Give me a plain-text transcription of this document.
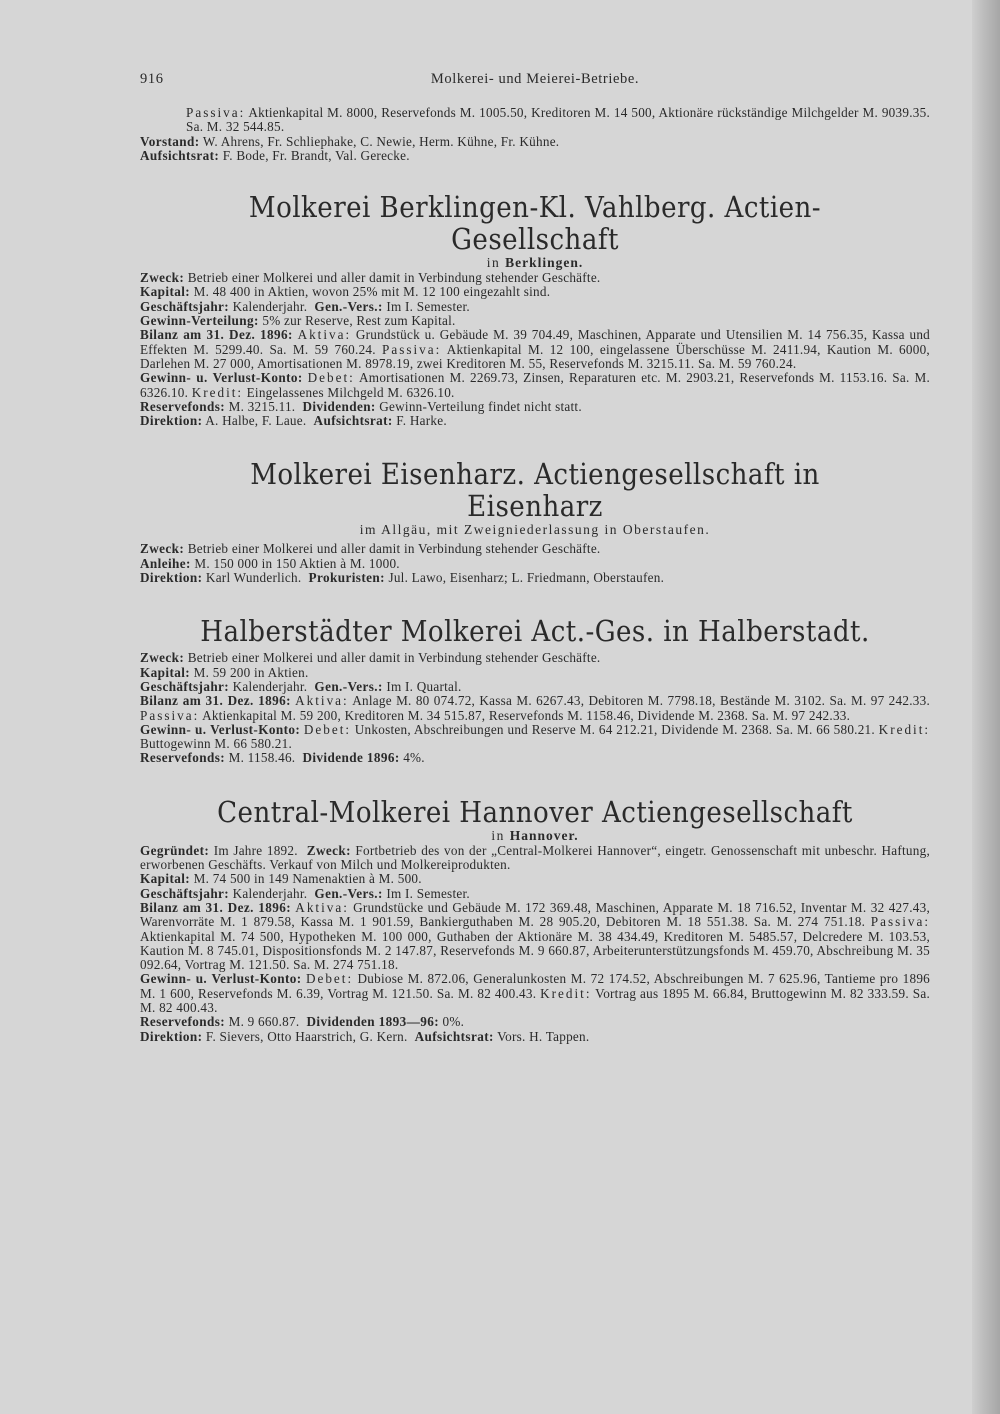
916	Molkerei- und Meierei-Betriebe.

Passiva: Aktienkapital M. 8000, Reservefonds M. 1005.50, Kreditoren M. 14 500, Aktionäre rückständige Milchgelder M. 9039.35. Sa. M. 32 544.85.

Vorstand: W. Ahrens, Fr. Schliephake, C. Newie, Herm. Kühne, Fr. Kühne.

Aufsichtsrat: F. Bode, Fr. Brandt, Val. Gerecke.

Molkerei Berklingen-Kl. Vahlberg. Actien-Gesellschaft
in Berklingen.

Zweck: Betrieb einer Molkerei und aller damit in Verbindung stehender Geschäfte.

Kapital: M. 48 400 in Aktien, wovon 25% mit M. 12 100 eingezahlt sind.

Geschäftsjahr: Kalenderjahr. Gen.-Vers.: Im I. Semester.

Gewinn-Verteilung: 5% zur Reserve, Rest zum Kapital.

Bilanz am 31. Dez. 1896: Aktiva: Grundstück u. Gebäude M. 39 704.49, Maschinen, Apparate und Utensilien M. 14 756.35, Kassa und Effekten M. 5299.40. Sa. M. 59 760.24. Passiva: Aktienkapital M. 12 100, eingelassene Überschüsse M. 2411.94, Kaution M. 6000, Darlehen M. 27 000, Amortisationen M. 8978.19, zwei Kreditoren M. 55, Reservefonds M. 3215.11. Sa. M. 59 760.24.

Gewinn- u. Verlust-Konto: Debet: Amortisationen M. 2269.73, Zinsen, Reparaturen etc. M. 2903.21, Reservefonds M. 1153.16. Sa. M. 6326.10. Kredit: Eingelassenes Milchgeld M. 6326.10.

Reservefonds: M. 3215.11. Dividenden: Gewinn-Verteilung findet nicht statt.

Direktion: A. Halbe, F. Laue. Aufsichtsrat: F. Harke.

Molkerei Eisenharz. Actiengesellschaft in Eisenharz
im Allgäu, mit Zweigniederlassung in Oberstaufen.

Zweck: Betrieb einer Molkerei und aller damit in Verbindung stehender Geschäfte.

Anleihe: M. 150 000 in 150 Aktien à M. 1000.

Direktion: Karl Wunderlich. Prokuristen: Jul. Lawo, Eisenharz; L. Friedmann, Oberstaufen.

Halberstädter Molkerei Act.-Ges. in Halberstadt.

Zweck: Betrieb einer Molkerei und aller damit in Verbindung stehender Geschäfte.

Kapital: M. 59 200 in Aktien.

Geschäftsjahr: Kalenderjahr. Gen.-Vers.: Im I. Quartal.

Bilanz am 31. Dez. 1896: Aktiva: Anlage M. 80 074.72, Kassa M. 6267.43, Debitoren M. 7798.18, Bestände M. 3102. Sa. M. 97 242.33. Passiva: Aktienkapital M. 59 200, Kreditoren M. 34 515.87, Reservefonds M. 1158.46, Dividende M. 2368. Sa. M. 97 242.33.

Gewinn- u. Verlust-Konto: Debet: Unkosten, Abschreibungen und Reserve M. 64 212.21, Dividende M. 2368. Sa. M. 66 580.21. Kredit: Buttogewinn M. 66 580.21.

Reservefonds: M. 1158.46. Dividende 1896: 4%.

Central-Molkerei Hannover Actiengesellschaft
in Hannover.

Gegründet: Im Jahre 1892. Zweck: Fortbetrieb des von der „Central-Molkerei Hannover“, eingetr. Genossenschaft mit unbeschr. Haftung, erworbenen Geschäfts. Verkauf von Milch und Molkereiprodukten.

Kapital: M. 74 500 in 149 Namenaktien à M. 500.

Geschäftsjahr: Kalenderjahr. Gen.-Vers.: Im I. Semester.

Bilanz am 31. Dez. 1896: Aktiva: Grundstücke und Gebäude M. 172 369.48, Maschinen, Apparate M. 18 716.52, Inventar M. 32 427.43, Warenvorräte M. 1 879.58, Kassa M. 1 901.59, Bankierguthaben M. 28 905.20, Debitoren M. 18 551.38. Sa. M. 274 751.18. Passiva: Aktienkapital M. 74 500, Hypotheken M. 100 000, Guthaben der Aktionäre M. 38 434.49, Kreditoren M. 5485.57, Delcredere M. 103.53, Kaution M. 8 745.01, Dispositionsfonds M. 2 147.87, Reservefonds M. 9 660.87, Arbeiterunterstützungsfonds M. 459.70, Abschreibung M. 35 092.64, Vortrag M. 121.50. Sa. M. 274 751.18.

Gewinn- u. Verlust-Konto: Debet: Dubiose M. 872.06, Generalunkosten M. 72 174.52, Abschreibungen M. 7 625.96, Tantieme pro 1896 M. 1 600, Reservefonds M. 6.39, Vortrag M. 121.50. Sa. M. 82 400.43. Kredit: Vortrag aus 1895 M. 66.84, Bruttogewinn M. 82 333.59. Sa. M. 82 400.43.

Reservefonds: M. 9 660.87. Dividenden 1893—96: 0%.

Direktion: F. Sievers, Otto Haarstrich, G. Kern. Aufsichtsrat: Vors. H. Tappen.
